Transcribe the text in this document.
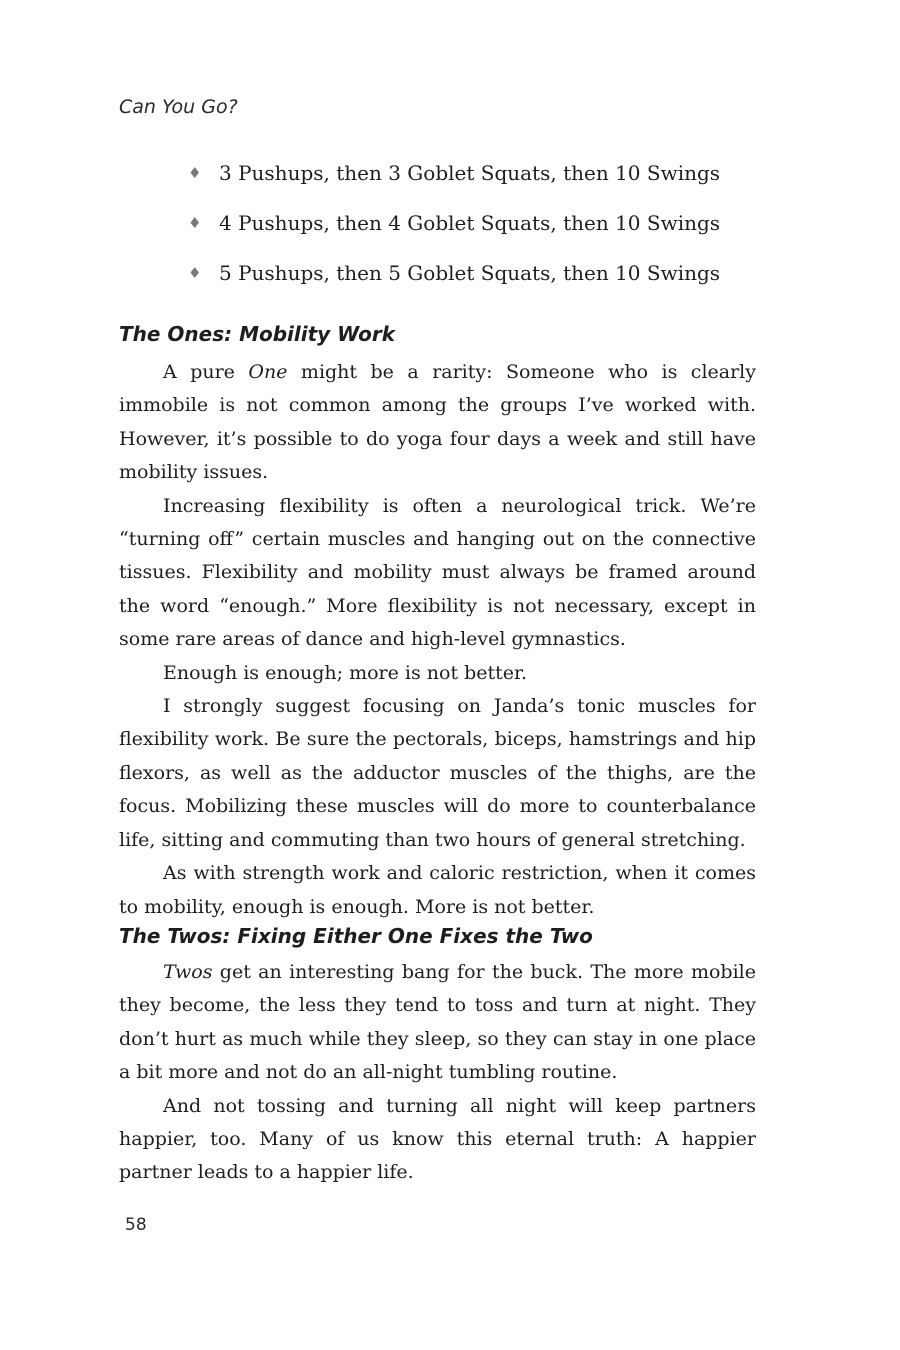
Can You Go?
♦ 3 Pushups, then 3 Goblet Squats, then 10 Swings
♦ 4 Pushups, then 4 Goblet Squats, then 10 Swings
♦ 5 Pushups, then 5 Goblet Squats, then 10 Swings
The Ones: Mobility Work

A pure One might be a rarity: Someone who is clearly immobile is not common among the groups I’ve worked with. However, it’s possible to do yoga four days a week and still have mobility issues.

Increasing flexibility is often a neurological trick. We’re “turning off” certain muscles and hanging out on the connective tissues. Flexibility and mobility must always be framed around the word “enough.” More flexibility is not necessary, except in some rare areas of dance and high-level gymnastics.

Enough is enough; more is not better.

I strongly suggest focusing on Janda’s tonic muscles for flexibility work. Be sure the pectorals, biceps, hamstrings and hip flexors, as well as the adductor muscles of the thighs, are the focus. Mobilizing these muscles will do more to counterbalance life, sitting and commuting than two hours of general stretching.

As with strength work and caloric restriction, when it comes to mobility, enough is enough. More is not better.

The Twos: Fixing Either One Fixes the Two

Twos get an interesting bang for the buck. The more mobile they become, the less they tend to toss and turn at night. They don’t hurt as much while they sleep, so they can stay in one place a bit more and not do an all-night tumbling routine.

And not tossing and turning all night will keep partners happier, too. Many of us know this eternal truth: A happier partner leads to a happier life.

58
